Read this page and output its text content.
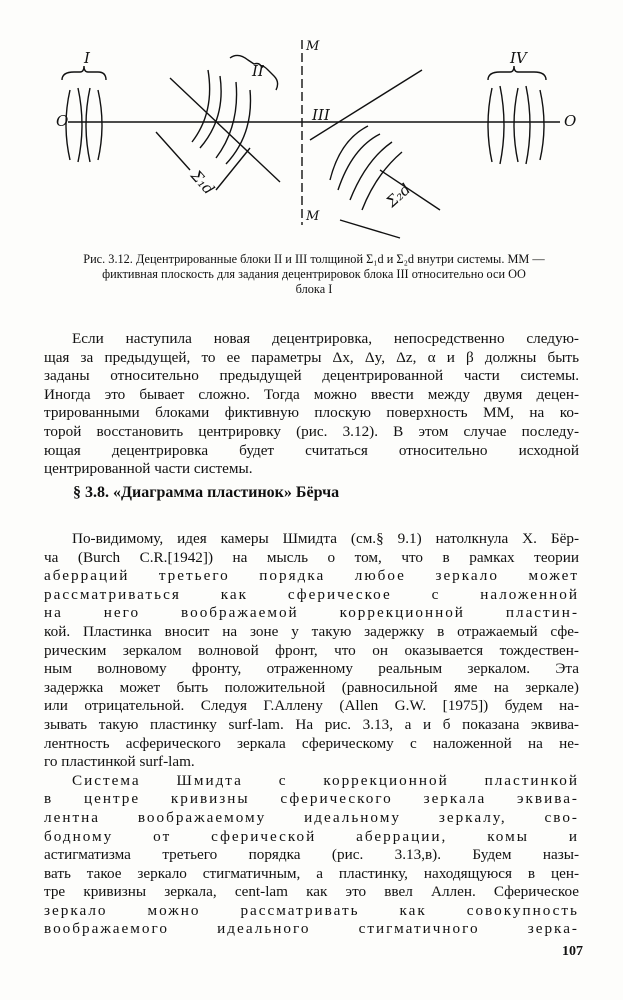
I
II
III
IV
O	O
M
M
Σ₁d	Σ₂d
Рис. 3.12. Децентрированные блоки II и III толщиной Σ₁d и Σ₂d внутри системы. MM —
фиктивная плоскость для задания децентрировок блока III относительно оси OO
блока I
Если наступила новая децентрировка, непосредственно следую-
щая за предыдущей, то ее параметры Δx, Δy, Δz, α и β должны быть
заданы относительно предыдущей децентрированной части системы.
Иногда это бывает сложно. Тогда можно ввести между двумя децен-
трированными блоками фиктивную плоскую поверхность MM, на ко-
торой восстановить центрировку (рис. 3.12). В этом случае последу-
ющая децентрировка будет считаться относительно исходной
центрированной части системы.
§ 3.8. «Диаграмма пластинок» Бёрча
По-видимому, идея камеры Шмидта (см.§ 9.1) натолкнула Х. Бёр-
ча (Burch C.R.[1942]) на мысль о том, что в рамках теории
аберраций третьего порядка любое зеркало может
рассматриваться как сферическое с наложенной
на него воображаемой коррекционной пластин-
кой. Пластинка вносит на зоне y такую задержку в отражаемый сфе-
рическим зеркалом волновой фронт, что он оказывается тождествен-
ным волновому фронту, отраженному реальным зеркалом. Эта
задержка может быть положительной (равносильной яме на зеркале)
или отрицательной. Следуя Г.Аллену (Allen G.W. [1975]) будем на-
зывать такую пластинку surf-lam. На рис. 3.13, а и б показана эквива-
лентность асферического зеркала сферическому с наложенной на не-
го пластинкой surf-lam.
Система Шмидта с коррекционной пластинкой
в центре кривизны сферического зеркала эквива-
лентна воображаемому идеальному зеркалу, сво-
бодному от сферической аберрации, комы и
астигматизма третьего порядка (рис. 3.13,в). Будем назы-
вать такое зеркало стигматичным, а пластинку, находящуюся в цен-
тре кривизны зеркала, cent-lam как это ввел Аллен. Сферическое
зеркало можно рассматривать как совокупность
воображаемого идеального стигматичного зерка-
107
